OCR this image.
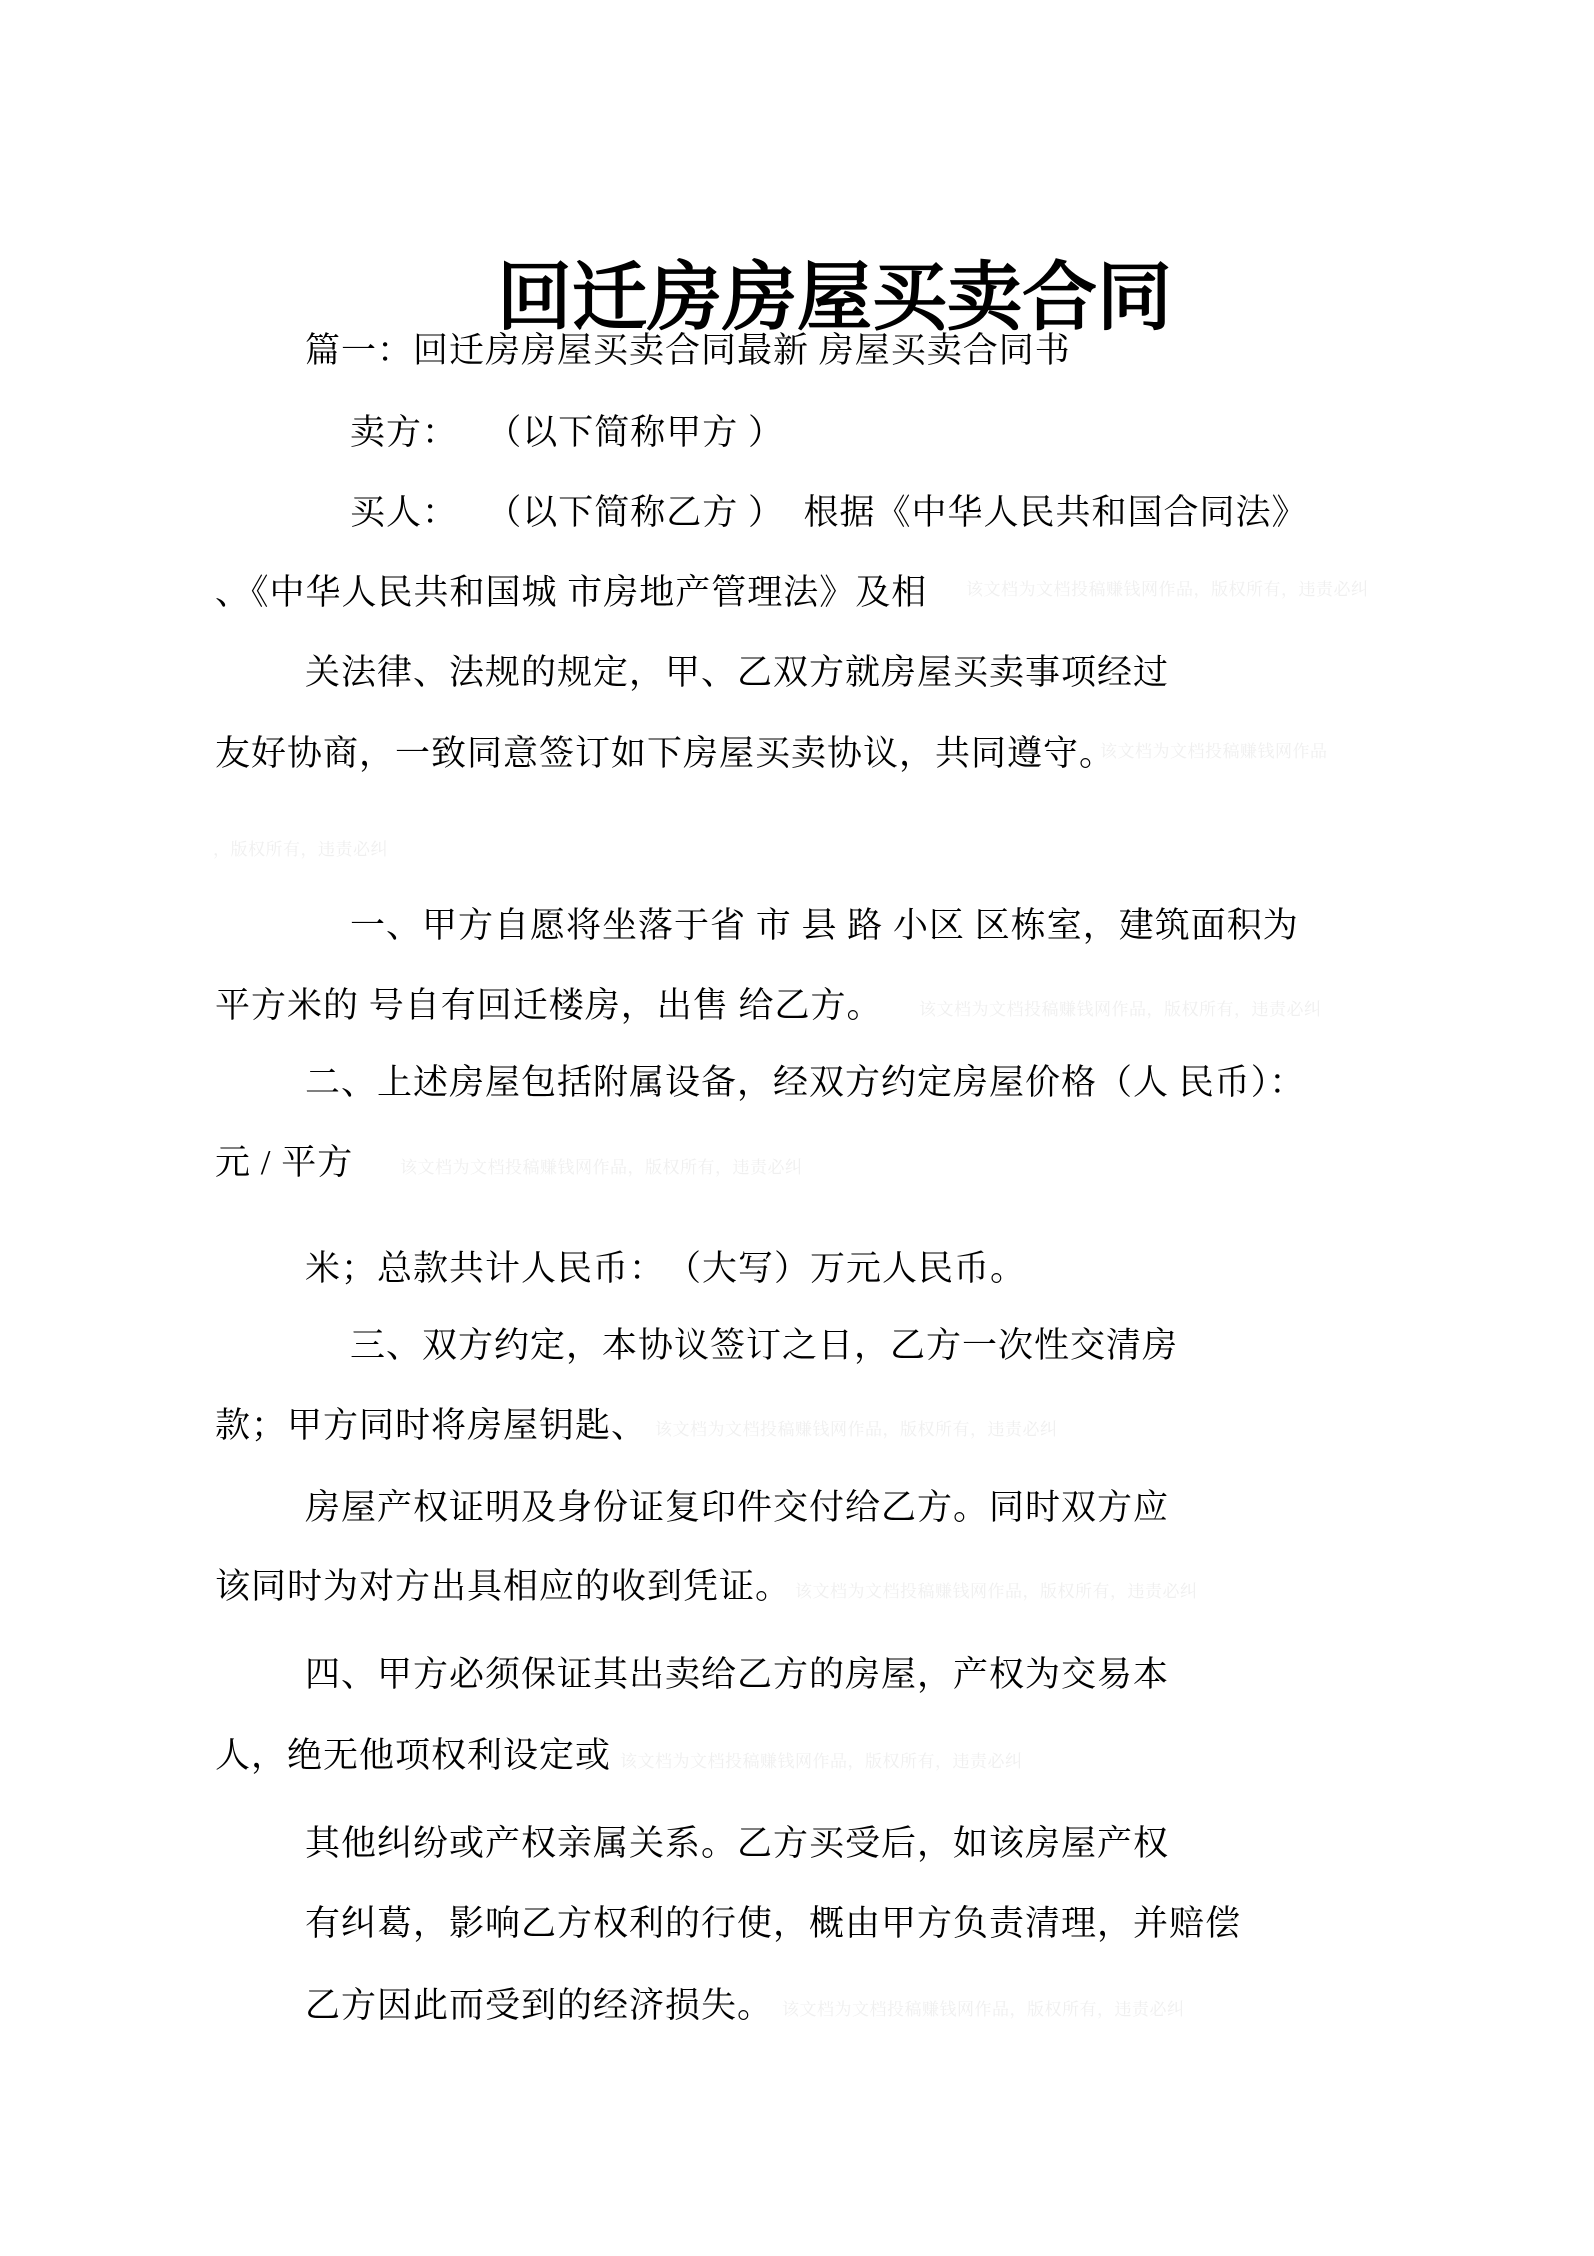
回迁房房屋买卖合同
篇一：回迁房房屋买卖合同最新 房屋买卖合同书
卖方：　 （以下简称甲方 ）
买人：　 （以下简称乙方 ）  根据《中华人民共和国合同法》
、《中华人民共和国城 市房地产管理法》及相
关法律、法规的规定，甲、乙双方就房屋买卖事项经过
友好协商，一致同意签订如下房屋买卖协议，共同遵守。
一、甲方自愿将坐落于省 市 县 路 小区 区栋室，建筑面积为
平方米的 号自有回迁楼房，出售 给乙方。
二、上述房屋包括附属设备，经双方约定房屋价格（人 民币）：
元 / 平方
米；总款共计人民币：　（大写）万元人民币。
三、双方约定，本协议签订之日，乙方一次性交清房
款；甲方同时将房屋钥匙、
房屋产权证明及身份证复印件交付给乙方。同时双方应
该同时为对方出具相应的收到凭证。
四、甲方必须保证其出卖给乙方的房屋，产权为交易本
人，绝无他项权利设定或
其他纠纷或产权亲属关系。乙方买受后，如该房屋产权
有纠葛，影响乙方权利的行使，概由甲方负责清理，并赔偿
乙方因此而受到的经济损失。
该文档为文档投稿赚钱网作品，版权所有，违责必纠
该文档为文档投稿赚钱网作品
，版权所有，违责必纠
该文档为文档投稿赚钱网作品，版权所有，违责必纠
该文档为文档投稿赚钱网作品，版权所有，违责必纠
该文档为文档投稿赚钱网作品，版权所有，违责必纠
该文档为文档投稿赚钱网作品，版权所有，违责必纠
该文档为文档投稿赚钱网作品，版权所有，违责必纠
该文档为文档投稿赚钱网作品，版权所有，违责必纠
